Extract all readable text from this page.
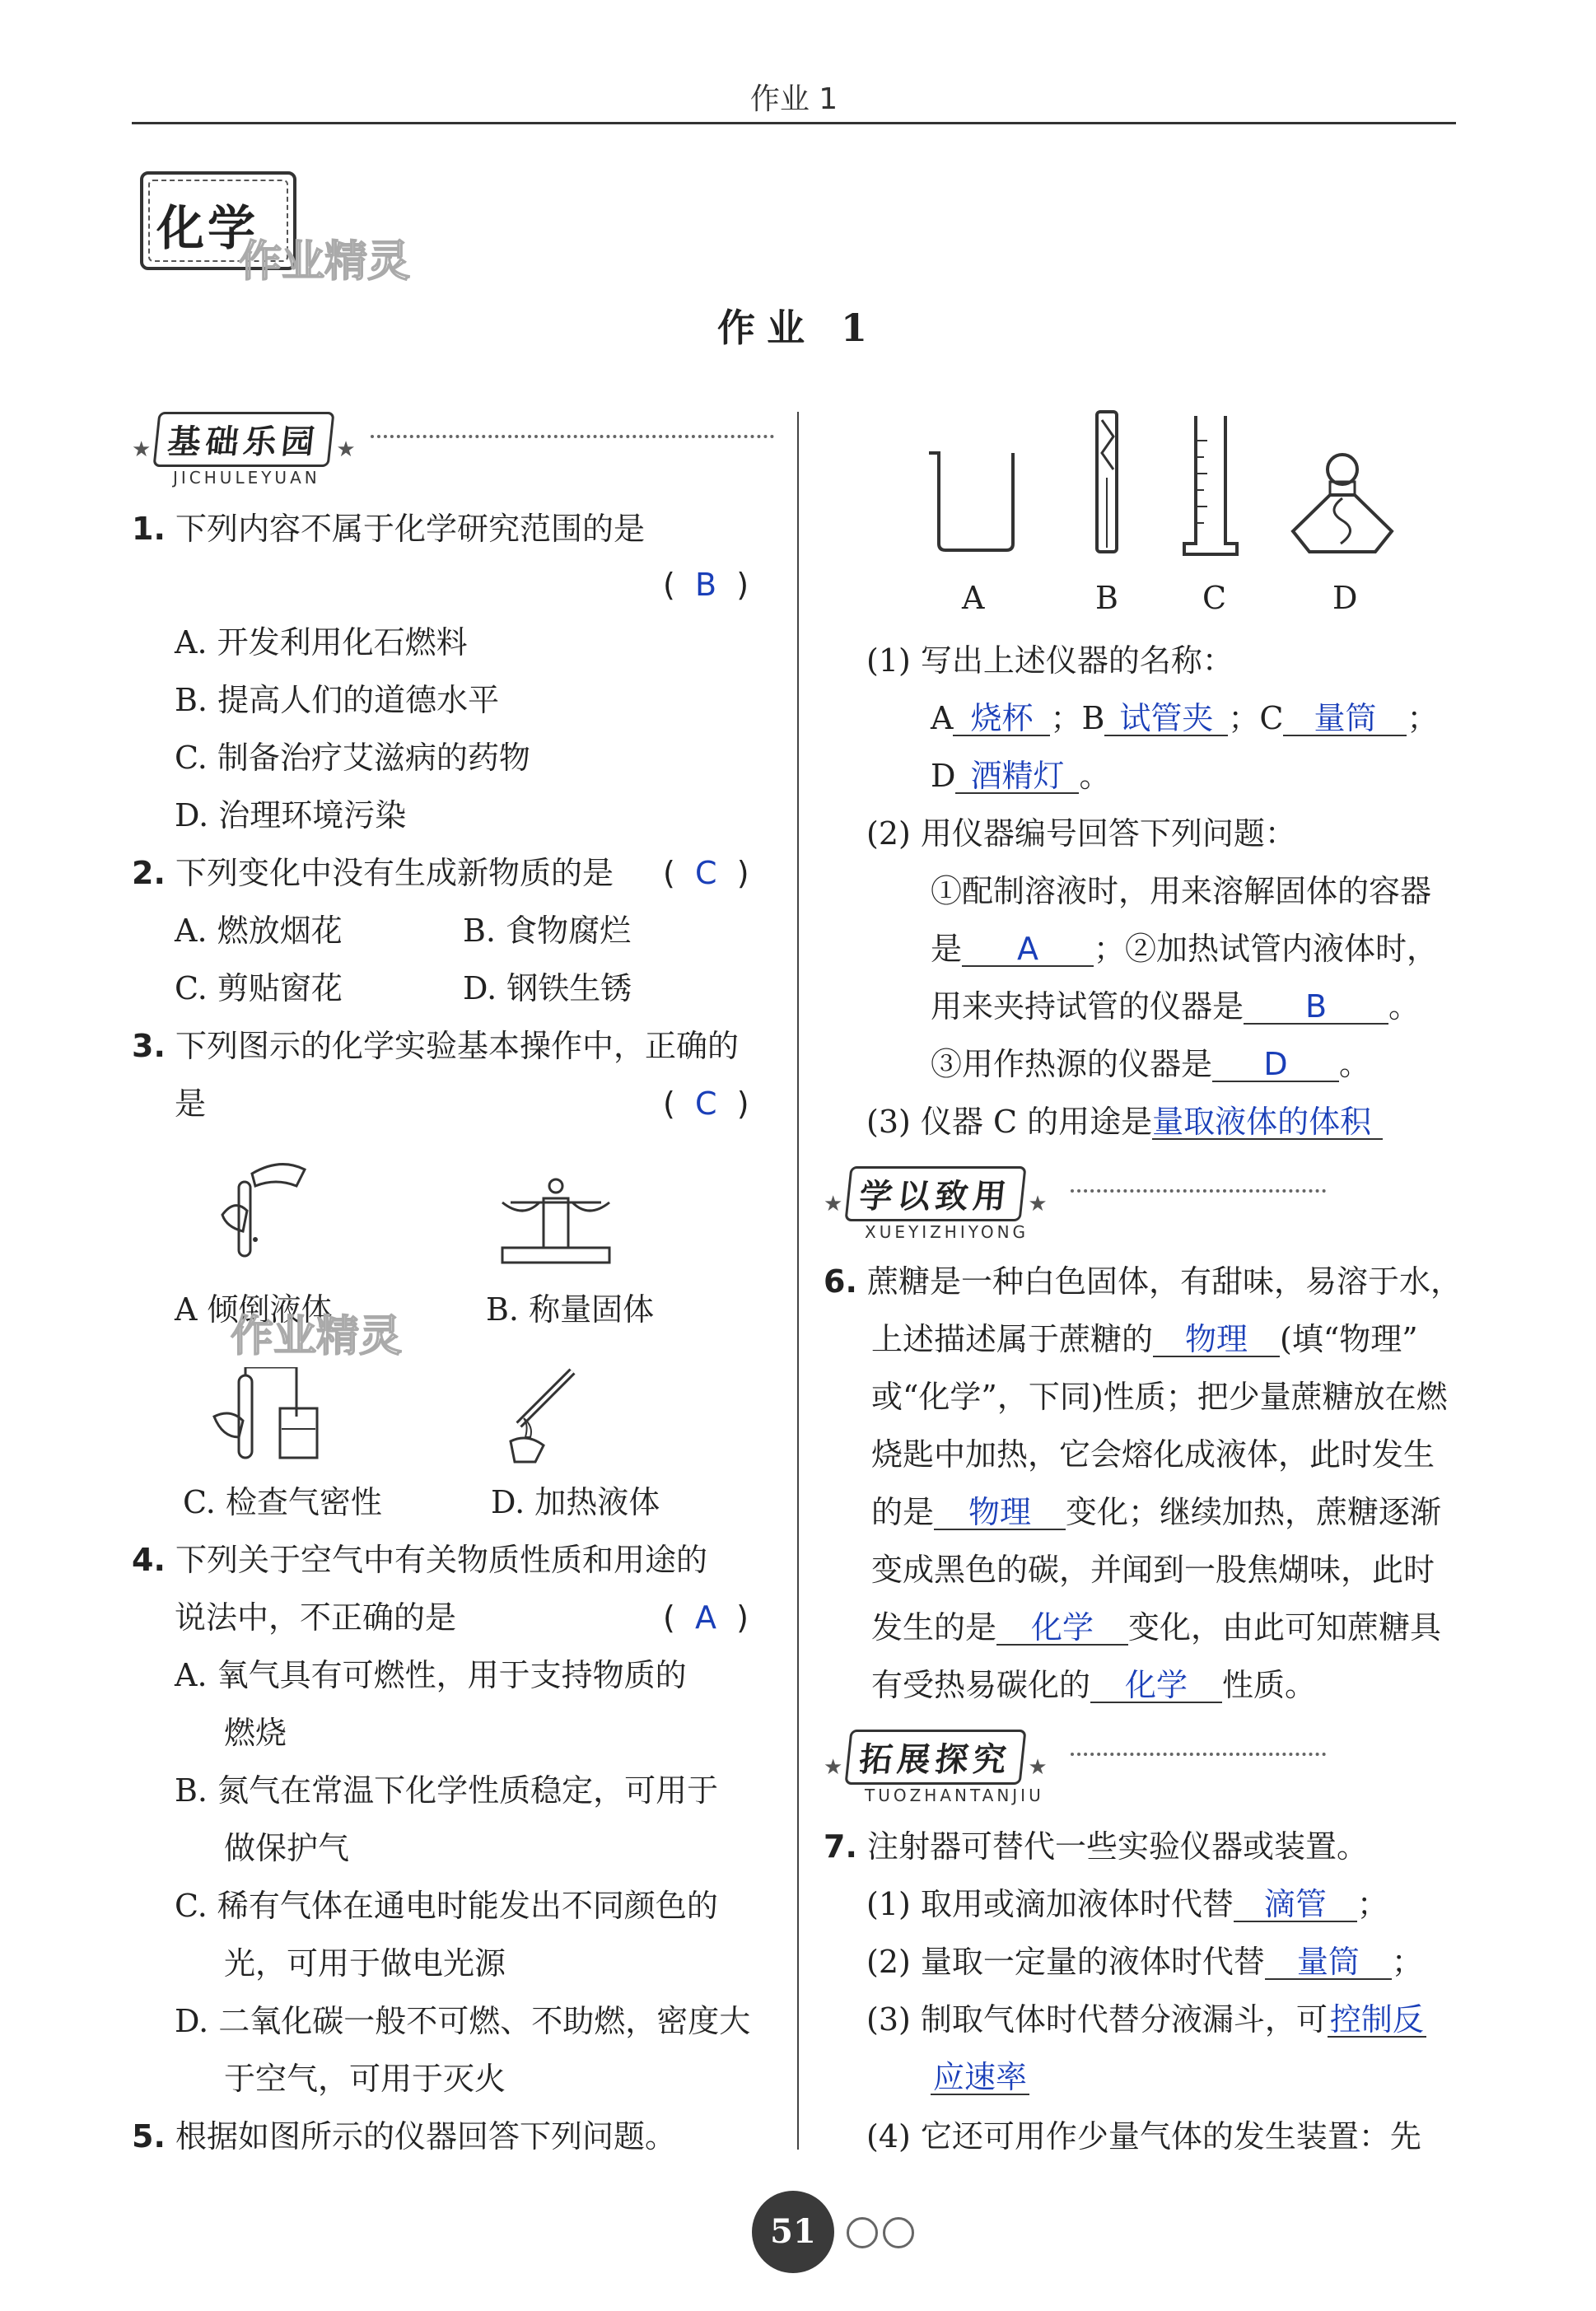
作业 1
化学
作业精灵
作业 1
★ 基础乐园 ★
JICHULEYUAN
1. 下列内容不属于化学研究范围的是
( B )
A. 开发利用化石燃料
B. 提高人们的道德水平
C. 制备治疗艾滋病的药物
D. 治理环境污染
2. 下列变化中没有生成新物质的是 ( C )
A. 燃放烟花	B. 食物腐烂
C. 剪贴窗花	D. 钢铁生锈
3. 下列图示的化学实验基本操作中，正确的
是	( C )
A 倾倒液体	B. 称量固体
作业精灵
C. 检查气密性	D. 加热液体
4. 下列关于空气中有关物质性质和用途的
说法中，不正确的是	( A )
A. 氧气具有可燃性，用于支持物质的
燃烧
B. 氮气在常温下化学性质稳定，可用于
做保护气
C. 稀有气体在通电时能发出不同颜色的
光，可用于做电光源
D. 二氧化碳一般不可燃、不助燃，密度大
于空气，可用于灭火
5. 根据如图所示的仪器回答下列问题。
A	B	C	D
(1) 写出上述仪器的名称：
A 烧杯 ；B 试管夹 ；C 量筒 ；
D 酒精灯 。
(2) 用仪器编号回答下列问题：
①配制溶液时，用来溶解固体的容器
是 A ；②加热试管内液体时，
用来夹持试管的仪器是 B 。
③用作热源的仪器是 D 。
(3) 仪器 C 的用途是量取液体的体积
★ 学以致用 ★
XUEYIZHIYONG
6. 蔗糖是一种白色固体，有甜味，易溶于水，
上述描述属于蔗糖的 物理 (填“物理”
或“化学”，下同)性质；把少量蔗糖放在燃
烧匙中加热，它会熔化成液体，此时发生
的是 物理 变化；继续加热，蔗糖逐渐
变成黑色的碳，并闻到一股焦煳味，此时
发生的是 化学 变化，由此可知蔗糖具
有受热易碳化的 化学 性质。
★ 拓展探究 ★
TUOZHANTANJIU
7. 注射器可替代一些实验仪器或装置。
(1) 取用或滴加液体时代替 滴管 ；
(2) 量取一定量的液体时代替 量筒 ；
(3) 制取气体时代替分液漏斗，可控制反
应速率
(4) 它还可用作少量气体的发生装置：先
51
